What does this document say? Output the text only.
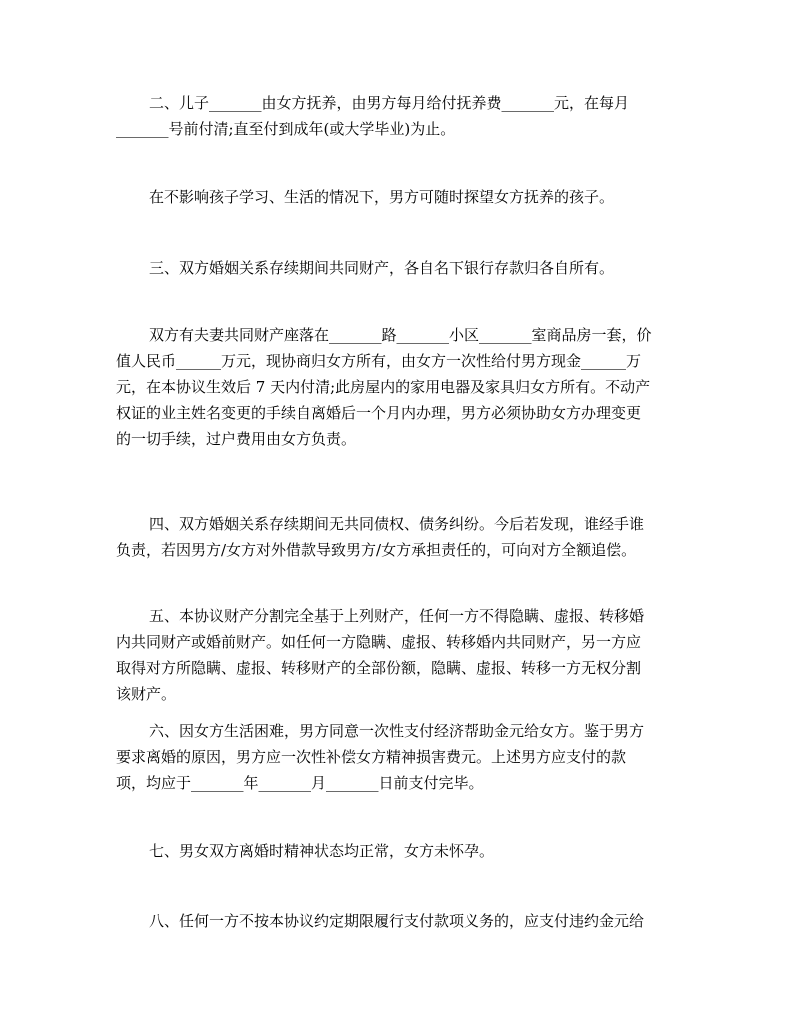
二、儿子_______由女方抚养，由男方每月给付抚养费_______元，在每月
_______号前付清;直至付到成年(或大学毕业)为止。

在不影响孩子学习、生活的情况下，男方可随时探望女方抚养的孩子。

三、双方婚姻关系存续期间共同财产，各自名下银行存款归各自所有。

双方有夫妻共同财产座落在_______路_______小区_______室商品房一套，价
值人民币______万元，现协商归女方所有，由女方一次性给付男方现金______万
元，在本协议生效后 7 天内付清;此房屋内的家用电器及家具归女方所有。不动产
权证的业主姓名变更的手续自离婚后一个月内办理，男方必须协助女方办理变更
的一切手续，过户费用由女方负责。

四、双方婚姻关系存续期间无共同债权、债务纠纷。今后若发现，谁经手谁
负责，若因男方/女方对外借款导致男方/女方承担责任的，可向对方全额追偿。

五、本协议财产分割完全基于上列财产，任何一方不得隐瞒、虚报、转移婚
内共同财产或婚前财产。如任何一方隐瞒、虚报、转移婚内共同财产，另一方应
取得对方所隐瞒、虚报、转移财产的全部份额，隐瞒、虚报、转移一方无权分割
该财产。

六、因女方生活困难，男方同意一次性支付经济帮助金元给女方。鉴于男方
要求离婚的原因，男方应一次性补偿女方精神损害费元。上述男方应支付的款
项，均应于_______年_______月_______日前支付完毕。

七、男女双方离婚时精神状态均正常，女方未怀孕。

八、任何一方不按本协议约定期限履行支付款项义务的，应支付违约金元给
